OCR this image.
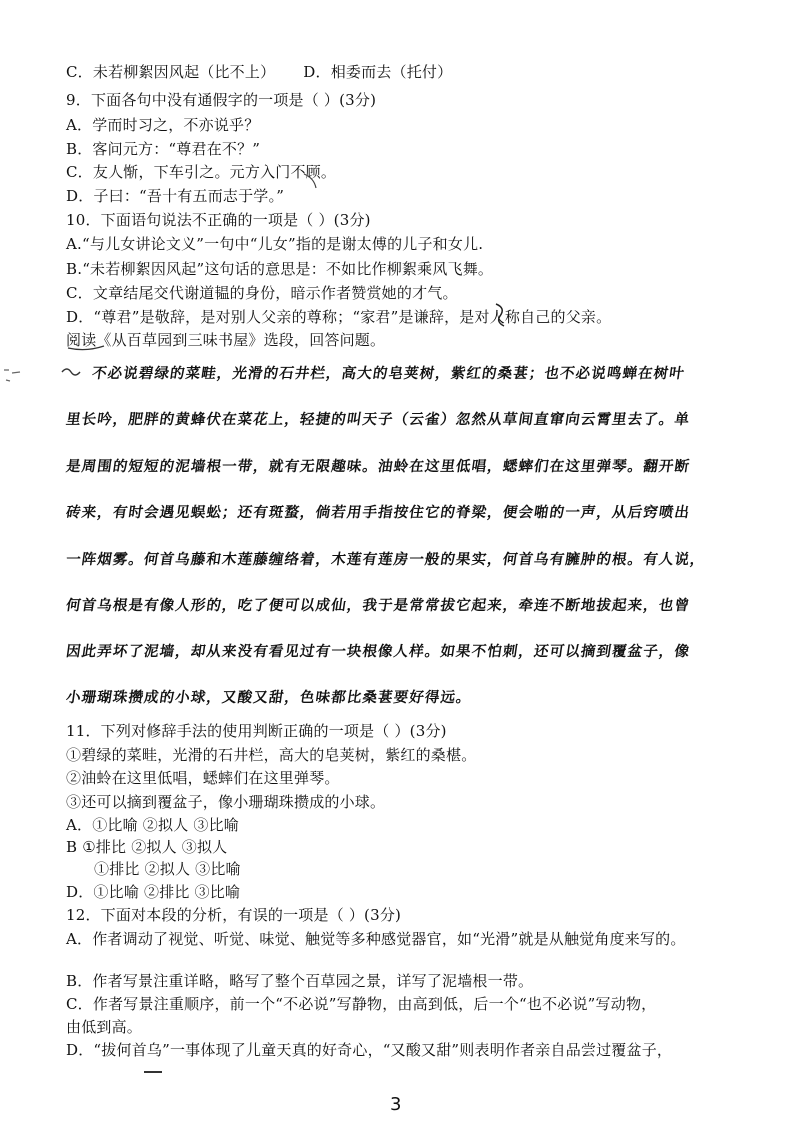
C．未若柳絮因风起（比不上） D．相委而去（托付）
9．下面各句中没有通假字的一项是（ ）(3分)
A．学而时习之，不亦说乎？
B．客问元方：“尊君在不？”
C．友人惭，下车引之。元方入门不顾。
D．子曰：“吾十有五而志于学。”
10．下面语句说法不正确的一项是（ ）(3分)
A.“与儿女讲论文义”一句中“儿女”指的是谢太傅的儿子和女儿.
B.“未若柳絮因风起”这句话的意思是：不如比作柳絮乘风飞舞。
C．文章结尾交代谢道韫的身份，暗示作者赞赏她的才气。
D．“尊君”是敬辞，是对别人父亲的尊称；“家君”是谦辞，是对人称自己的父亲。
阅读《从百草园到三味书屋》选段，回答问题。
不必说碧绿的菜畦，光滑的石井栏，高大的皂荚树，紫红的桑葚；也不必说鸣蝉在树叶
里长吟，肥胖的黄蜂伏在菜花上，轻捷的叫天子（云雀）忽然从草间直窜向云霄里去了。单
是周围的短短的泥墙根一带，就有无限趣味。油蛉在这里低唱，蟋蟀们在这里弹琴。翻开断
砖来，有时会遇见蜈蚣；还有斑蝥，倘若用手指按住它的脊梁，便会啪的一声，从后窍喷出
一阵烟雾。何首乌藤和木莲藤缠络着，木莲有莲房一般的果实，何首乌有臃肿的根。有人说，
何首乌根是有像人形的，吃了便可以成仙，我于是常常拔它起来，牵连不断地拔起来，也曾
因此弄坏了泥墙，却从来没有看见过有一块根像人样。如果不怕刺，还可以摘到覆盆子，像
小珊瑚珠攒成的小球，又酸又甜，色味都比桑葚要好得远。
11．下列对修辞手法的使用判断正确的一项是（ ）(3分)
①碧绿的菜畦，光滑的石井栏，高大的皂荚树，紫红的桑椹。
②油蛉在这里低唱，蟋蟀们在这里弹琴。
③还可以摘到覆盆子，像小珊瑚珠攒成的小球。
A．①比喻 ②拟人 ③比喻
B ①排比 ②拟人 ③拟人
①排比 ②拟人 ③比喻
D．①比喻 ②排比 ③比喻
12．下面对本段的分析，有误的一项是（ ）(3分)
A．作者调动了视觉、听觉、味觉、触觉等多种感觉器官，如“光滑”就是从触觉角度来写的。
B．作者写景注重详略，略写了整个百草园之景，详写了泥墙根一带。
C．作者写景注重顺序，前一个“不必说”写静物，由高到低，后一个“也不必说”写动物，
由低到高。
D．“拔何首乌”一事体现了儿童天真的好奇心，“又酸又甜”则表明作者亲自品尝过覆盆子，
3
